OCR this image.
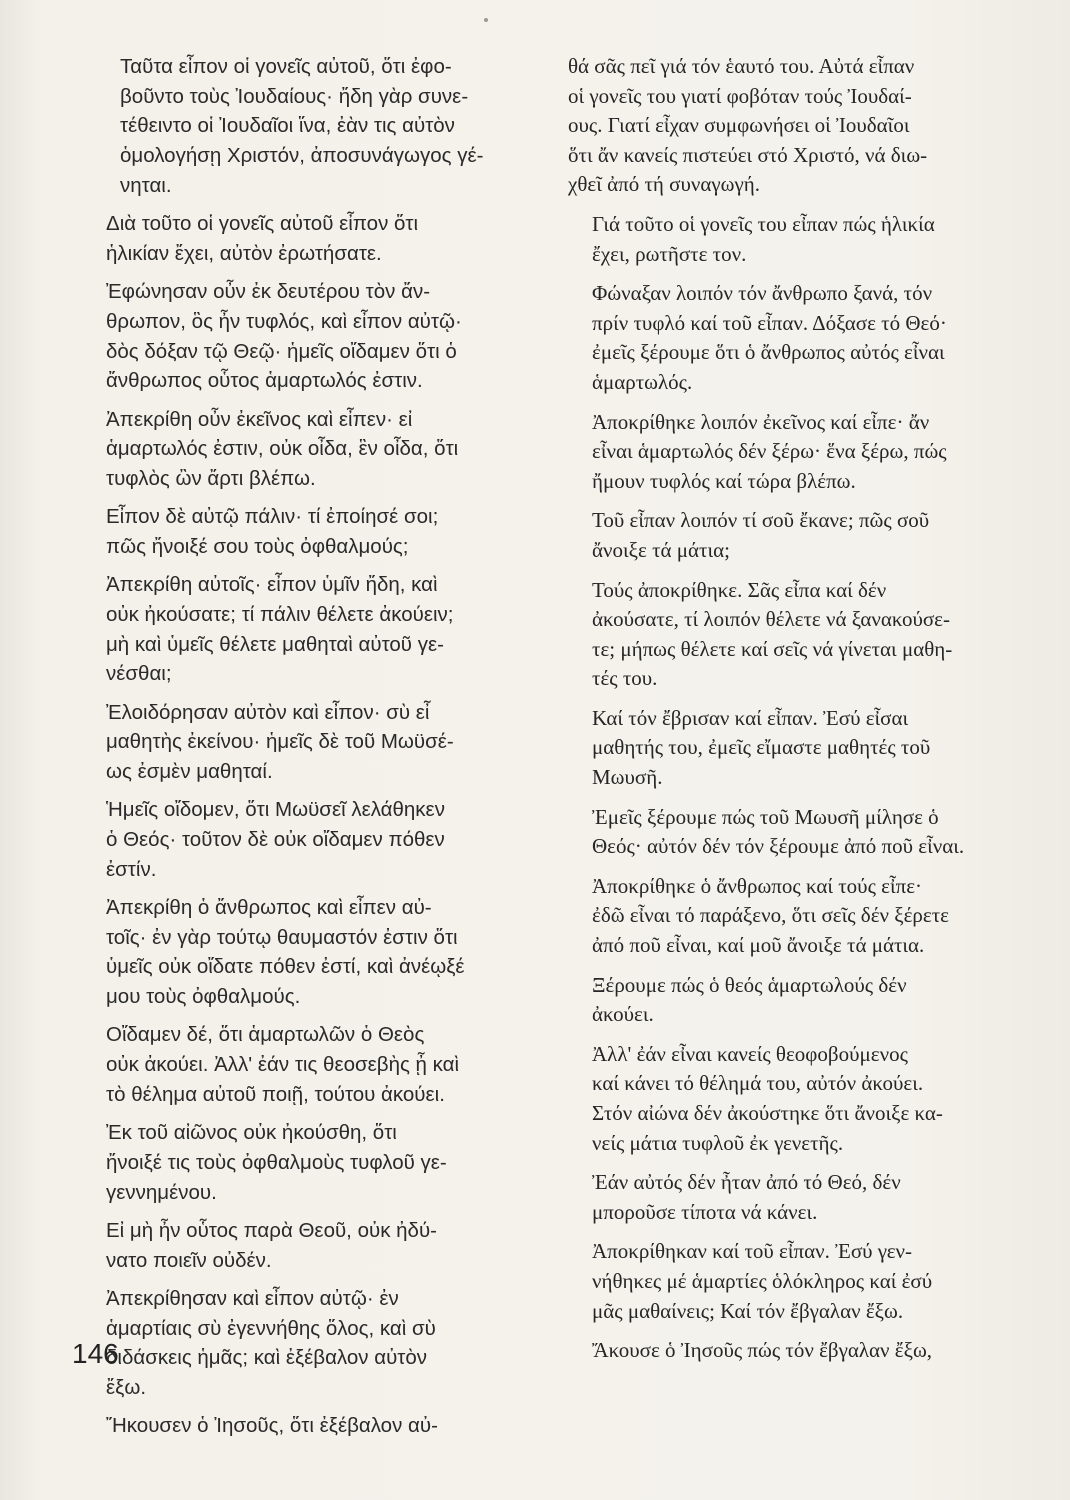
Ταῦτα εἶπον οἱ γονεῖς αὐτοῦ, ὅτι ἐφο-
βοῦντο τοὺς Ἰουδαίους· ἤδη γὰρ συνε-
τέθειντο οἱ Ἰουδαῖοι ἵνα, ἐὰν τις αὐτὸν
ὁμολογήσῃ Χριστόν, ἀποσυνάγωγος γέ-
νηται.
Διὰ τοῦτο οἱ γονεῖς αὐτοῦ εἶπον ὅτι
ἡλικίαν ἔχει, αὐτὸν ἐρωτήσατε.
Ἐφώνησαν οὖν ἐκ δευτέρου τὸν ἄν-
θρωπον, ὃς ἦν τυφλός, καὶ εἶπον αὐτῷ·
δὸς δόξαν τῷ Θεῷ· ἡμεῖς οἴδαμεν ὅτι ὁ
ἄνθρωπος οὗτος ἁμαρτωλός ἐστιν.
Ἀπεκρίθη οὖν ἐκεῖνος καὶ εἶπεν· εἰ
ἁμαρτωλός ἐστιν, οὐκ οἶδα, ἓν οἶδα, ὅτι
τυφλὸς ὢν ἄρτι βλέπω.
Εἶπον δὲ αὐτῷ πάλιν· τί ἐποίησέ σοι;
πῶς ἤνοιξέ σου τοὺς ὀφθαλμούς;
Ἀπεκρίθη αὐτοῖς· εἶπον ὑμῖν ἤδη, καὶ
οὐκ ἠκούσατε; τί πάλιν θέλετε ἀκούειν;
μὴ καὶ ὑμεῖς θέλετε μαθηταὶ αὐτοῦ γε-
νέσθαι;
Ἐλοιδόρησαν αὐτὸν καὶ εἶπον· σὺ εἶ
μαθητὴς ἐκείνου· ἡμεῖς δὲ τοῦ Μωϋσέ-
ως ἐσμὲν μαθηταί.
Ἡμεῖς οἴδομεν, ὅτι Μωϋσεῖ λελάθηκεν
ὁ Θεός· τοῦτον δὲ οὐκ οἴδαμεν πόθεν
ἐστίν.
Ἀπεκρίθη ὁ ἄνθρωπος καὶ εἶπεν αὐ-
τοῖς· ἐν γὰρ τούτῳ θαυμαστόν ἐστιν ὅτι
ὑμεῖς οὐκ οἴδατε πόθεν ἐστί, καὶ ἀνέῳξέ
μου τοὺς ὀφθαλμούς.
Οἴδαμεν δέ, ὅτι ἁμαρτωλῶν ὁ Θεὸς
οὐκ ἀκούει. Ἀλλ' ἐάν τις θεοσεβὴς ᾖ καὶ
τὸ θέλημα αὐτοῦ ποιῇ, τούτου ἀκούει.
Ἐκ τοῦ αἰῶνος οὐκ ἠκούσθη, ὅτι
ἤνοιξέ τις τοὺς ὀφθαλμοὺς τυφλοῦ γε-
γεννημένου.
Εἰ μὴ ἦν οὗτος παρὰ Θεοῦ, οὐκ ἠδύ-
νατο ποιεῖν οὐδέν.
Ἀπεκρίθησαν καὶ εἶπον αὐτῷ· ἐν
ἁμαρτίαις σὺ ἐγεννήθης ὅλος, καὶ σὺ
διδάσκεις ἡμᾶς; καὶ ἐξέβαλον αὐτὸν
ἔξω.
Ἤκουσεν ὁ Ἰησοῦς, ὅτι ἐξέβαλον αὐ-
θά σᾶς πεῖ γιά τόν ἑαυτό του. Αὐτά εἶπαν
οἱ γονεῖς του γιατί φοβόταν τούς Ἰουδαί-
ους. Γιατί εἶχαν συμφωνήσει οἱ Ἰουδαῖοι
ὅτι ἄν κανείς πιστεύει στό Χριστό, νά διω-
χθεῖ ἀπό τή συναγωγή.
Γιά τοῦτο οἱ γονεῖς του εἶπαν πώς ἡλικία
ἔχει, ρωτῆστε τον.
Φώναξαν λοιπόν τόν ἄνθρωπο ξανά, τόν
πρίν τυφλό καί τοῦ εἶπαν. Δόξασε τό Θεό·
ἐμεῖς ξέρουμε ὅτι ὁ ἄνθρωπος αὐτός εἶναι
ἁμαρτωλός.
Ἀποκρίθηκε λοιπόν ἐκεῖνος καί εἶπε· ἄν
εἶναι ἁμαρτωλός δέν ξέρω· ἕνα ξέρω, πώς
ἤμουν τυφλός καί τώρα βλέπω.
Τοῦ εἶπαν λοιπόν τί σοῦ ἔκανε; πῶς σοῦ
ἄνοιξε τά μάτια;
Τούς ἀποκρίθηκε. Σᾶς εἶπα καί δέν
ἀκούσατε, τί λοιπόν θέλετε νά ξανακούσε-
τε; μήπως θέλετε καί σεῖς νά γίνεται μαθη-
τές του.
Καί τόν ἔβρισαν καί εἶπαν. Ἐσύ εἶσαι
μαθητής του, ἐμεῖς εἴμαστε μαθητές τοῦ
Μωυσῆ.
Ἐμεῖς ξέρουμε πώς τοῦ Μωυσῆ μίλησε ὁ
Θεός· αὐτόν δέν τόν ξέρουμε ἀπό ποῦ εἶναι.
Ἀποκρίθηκε ὁ ἄνθρωπος καί τούς εἶπε·
ἐδῶ εἶναι τό παράξενο, ὅτι σεῖς δέν ξέρετε
ἀπό ποῦ εἶναι, καί μοῦ ἄνοιξε τά μάτια.
Ξέρουμε πώς ὁ θεός ἁμαρτωλούς δέν
ἀκούει.
Ἀλλ' ἐάν εἶναι κανείς θεοφοβούμενος
καί κάνει τό θέλημά του, αὐτόν ἀκούει.
Στόν αἰώνα δέν ἀκούστηκε ὅτι ἄνοιξε κα-
νείς μάτια τυφλοῦ ἐκ γενετῆς.
Ἐάν αὐτός δέν ἦταν ἀπό τό Θεό, δέν
μποροῦσε τίποτα νά κάνει.
Ἀποκρίθηκαν καί τοῦ εἶπαν. Ἐσύ γεν-
νήθηκες μέ ἁμαρτίες ὁλόκληρος καί ἐσύ
μᾶς μαθαίνεις; Καί τόν ἔβγαλαν ἔξω.
Ἄκουσε ὁ Ἰησοῦς πώς τόν ἔβγαλαν ἔξω,
146
